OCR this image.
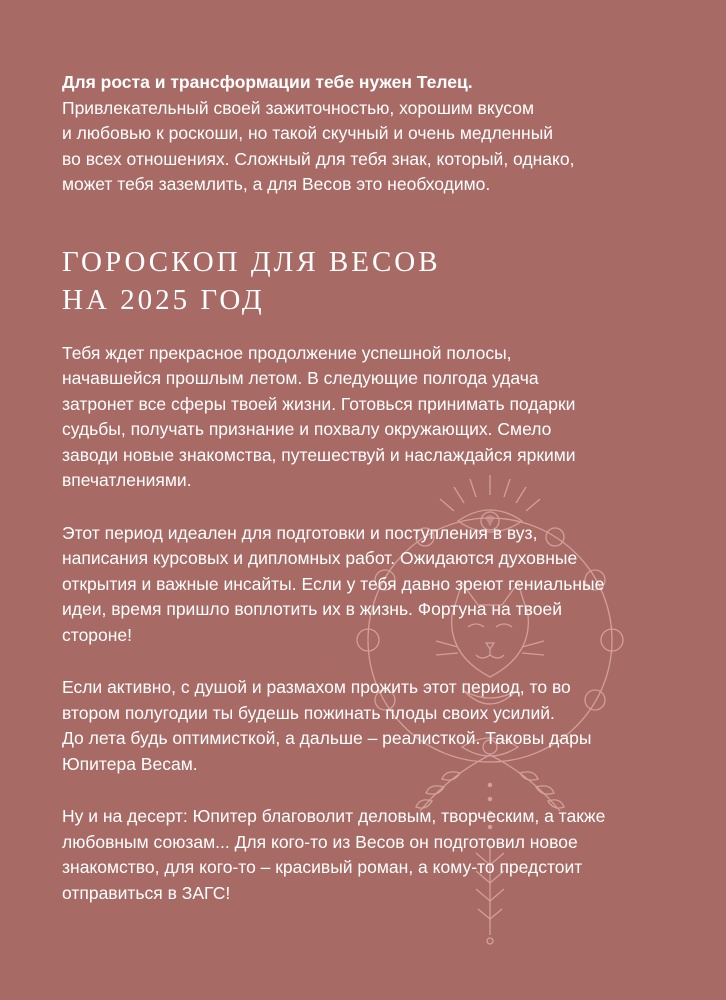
Для роста и трансформации тебе нужен Телец.
Привлекательный своей зажиточностью, хорошим вкусом
и любовью к роскоши, но такой скучный и очень медленный
во всех отношениях. Сложный для тебя знак, который, однако,
может тебя заземлить, а для Весов это необходимо.

ГОРОСКОП ДЛЯ ВЕСОВ
НА 2025 ГОД

Тебя ждет прекрасное продолжение успешной полосы,
начавшейся прошлым летом. В следующие полгода удача
затронет все сферы твоей жизни. Готовься принимать подарки
судьбы, получать признание и похвалу окружающих. Смело
заводи новые знакомства, путешествуй и наслаждайся яркими
впечатлениями.

Этот период идеален для подготовки и поступления в вуз,
написания курсовых и дипломных работ. Ожидаются духовные
открытия и важные инсайты. Если у тебя давно зреют гениальные
идеи, время пришло воплотить их в жизнь. Фортуна на твоей
стороне!

Если активно, с душой и размахом прожить этот период, то во
втором полугодии ты будешь пожинать плоды своих усилий.
До лета будь оптимисткой, а дальше – реалисткой. Таковы дары
Юпитера Весам.

Ну и на десерт: Юпитер благоволит деловым, творческим, а также
любовным союзам... Для кого-то из Весов он подготовил новое
знакомство, для кого-то – красивый роман, а кому-то предстоит
отправиться в ЗАГС!
